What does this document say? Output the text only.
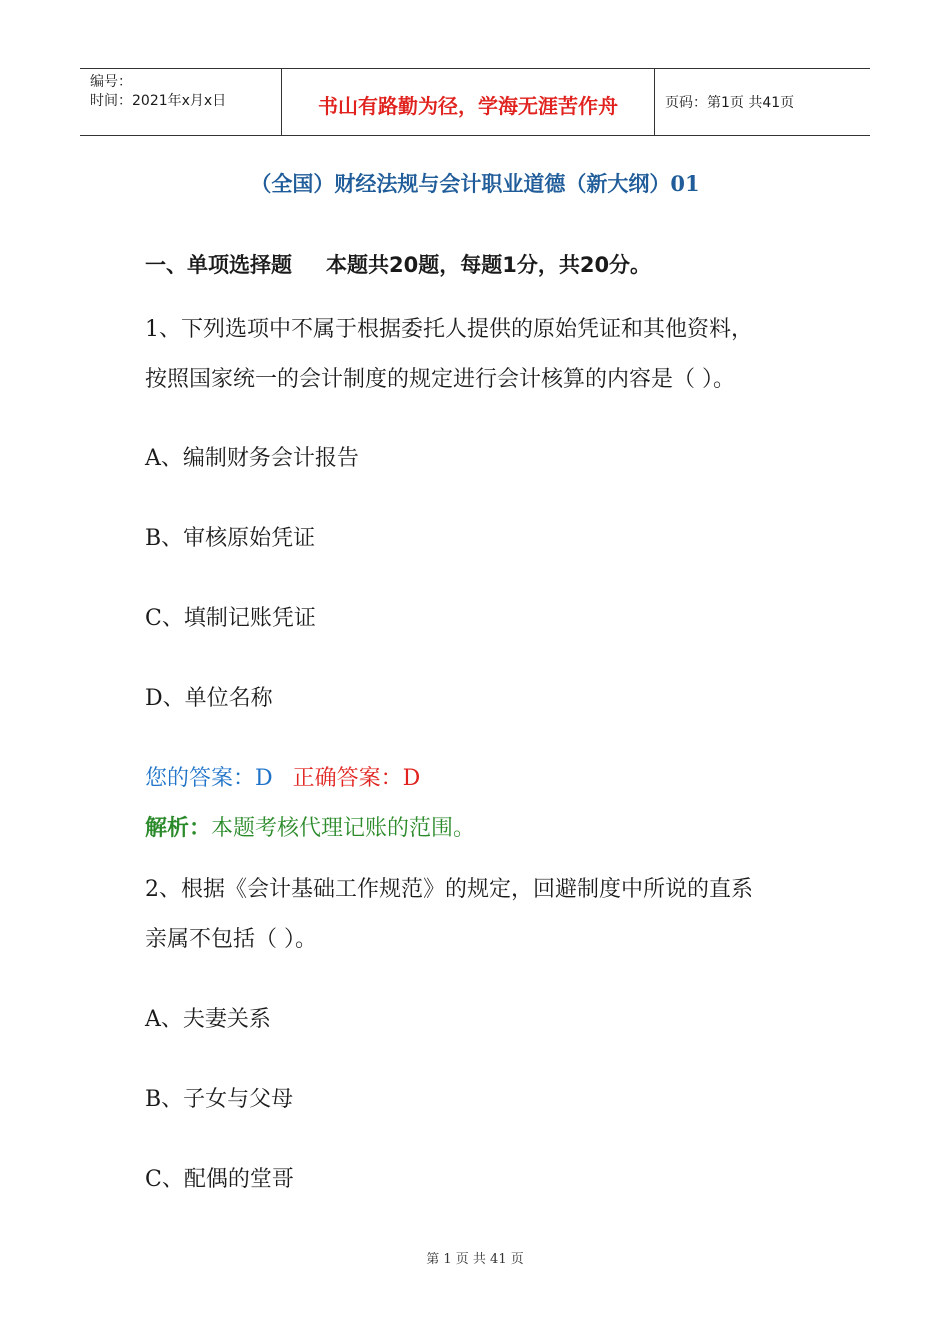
编号：
时间：2021年x月x日	书山有路勤为径，学海无涯苦作舟	页码：第1页 共41页
（全国）财经法规与会计职业道德（新大纲）01
一、单项选择题 本题共20题，每题1分，共20分。
1、下列选项中不属于根据委托人提供的原始凭证和其他资料，
按照国家统一的会计制度的规定进行会计核算的内容是（ ）。
A、编制财务会计报告
B、审核原始凭证
C、填制记账凭证
D、单位名称
您的答案：D 正确答案：D
解析：本题考核代理记账的范围。
2、根据《会计基础工作规范》的规定，回避制度中所说的直系
亲属不包括（ ）。
A、夫妻关系
B、子女与父母
C、配偶的堂哥
第 1 页 共 41 页
